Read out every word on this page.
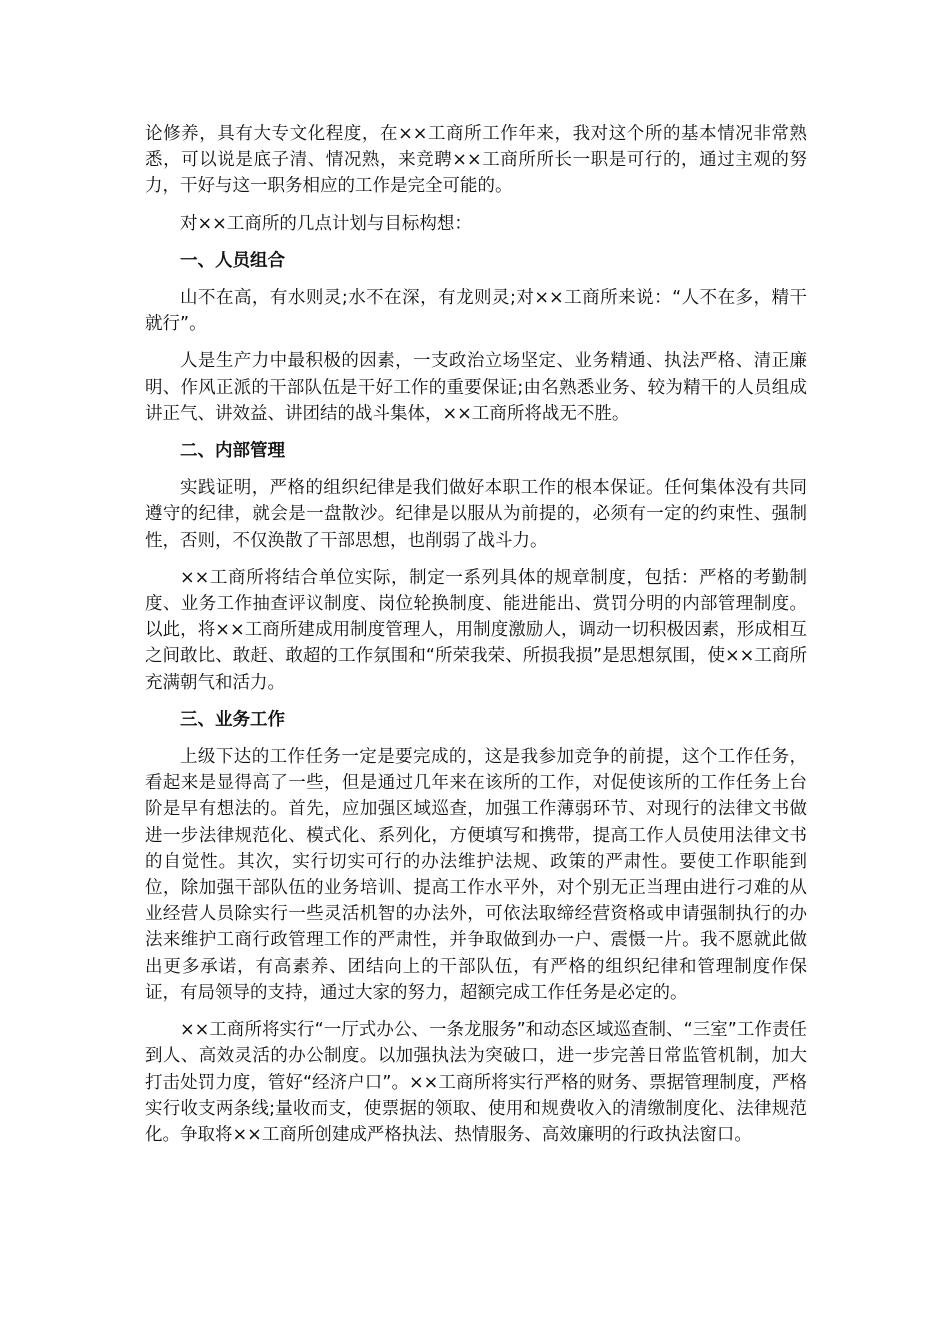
论修养，具有大专文化程度，在××工商所工作年来，我对这个所的基本情况非常熟悉，可以说是底子清、情况熟，来竞聘××工商所所长一职是可行的，通过主观的努力，干好与这一职务相应的工作是完全可能的。

对××工商所的几点计划与目标构想：

一、人员组合

山不在高，有水则灵;水不在深，有龙则灵;对××工商所来说：“人不在多，精干就行”。

人是生产力中最积极的因素，一支政治立场坚定、业务精通、执法严格、清正廉明、作风正派的干部队伍是干好工作的重要保证;由名熟悉业务、较为精干的人员组成讲正气、讲效益、讲团结的战斗集体，××工商所将战无不胜。

二、内部管理

实践证明，严格的组织纪律是我们做好本职工作的根本保证。任何集体没有共同遵守的纪律，就会是一盘散沙。纪律是以服从为前提的，必须有一定的约束性、强制性，否则，不仅涣散了干部思想，也削弱了战斗力。

××工商所将结合单位实际，制定一系列具体的规章制度，包括：严格的考勤制度、业务工作抽查评议制度、岗位轮换制度、能进能出、赏罚分明的内部管理制度。以此，将××工商所建成用制度管理人，用制度激励人，调动一切积极因素，形成相互之间敢比、敢赶、敢超的工作氛围和“所荣我荣、所损我损”是思想氛围，使××工商所充满朝气和活力。

三、业务工作

上级下达的工作任务一定是要完成的，这是我参加竞争的前提，这个工作任务，看起来是显得高了一些，但是通过几年来在该所的工作，对促使该所的工作任务上台阶是早有想法的。首先，应加强区域巡查，加强工作薄弱环节、对现行的法律文书做进一步法律规范化、模式化、系列化，方便填写和携带，提高工作人员使用法律文书的自觉性。其次，实行切实可行的办法维护法规、政策的严肃性。要使工作职能到位，除加强干部队伍的业务培训、提高工作水平外，对个别无正当理由进行刁难的从业经营人员除实行一些灵活机智的办法外，可依法取缔经营资格或申请强制执行的办法来维护工商行政管理工作的严肃性，并争取做到办一户、震慑一片。我不愿就此做出更多承诺，有高素养、团结向上的干部队伍，有严格的组织纪律和管理制度作保证，有局领导的支持，通过大家的努力，超额完成工作任务是必定的。

××工商所将实行“一厅式办公、一条龙服务”和动态区域巡查制、“三室”工作责任到人、高效灵活的办公制度。以加强执法为突破口，进一步完善日常监管机制，加大打击处罚力度，管好“经济户口”。××工商所将实行严格的财务、票据管理制度，严格实行收支两条线;量收而支，使票据的领取、使用和规费收入的清缴制度化、法律规范化。争取将××工商所创建成严格执法、热情服务、高效廉明的行政执法窗口。
